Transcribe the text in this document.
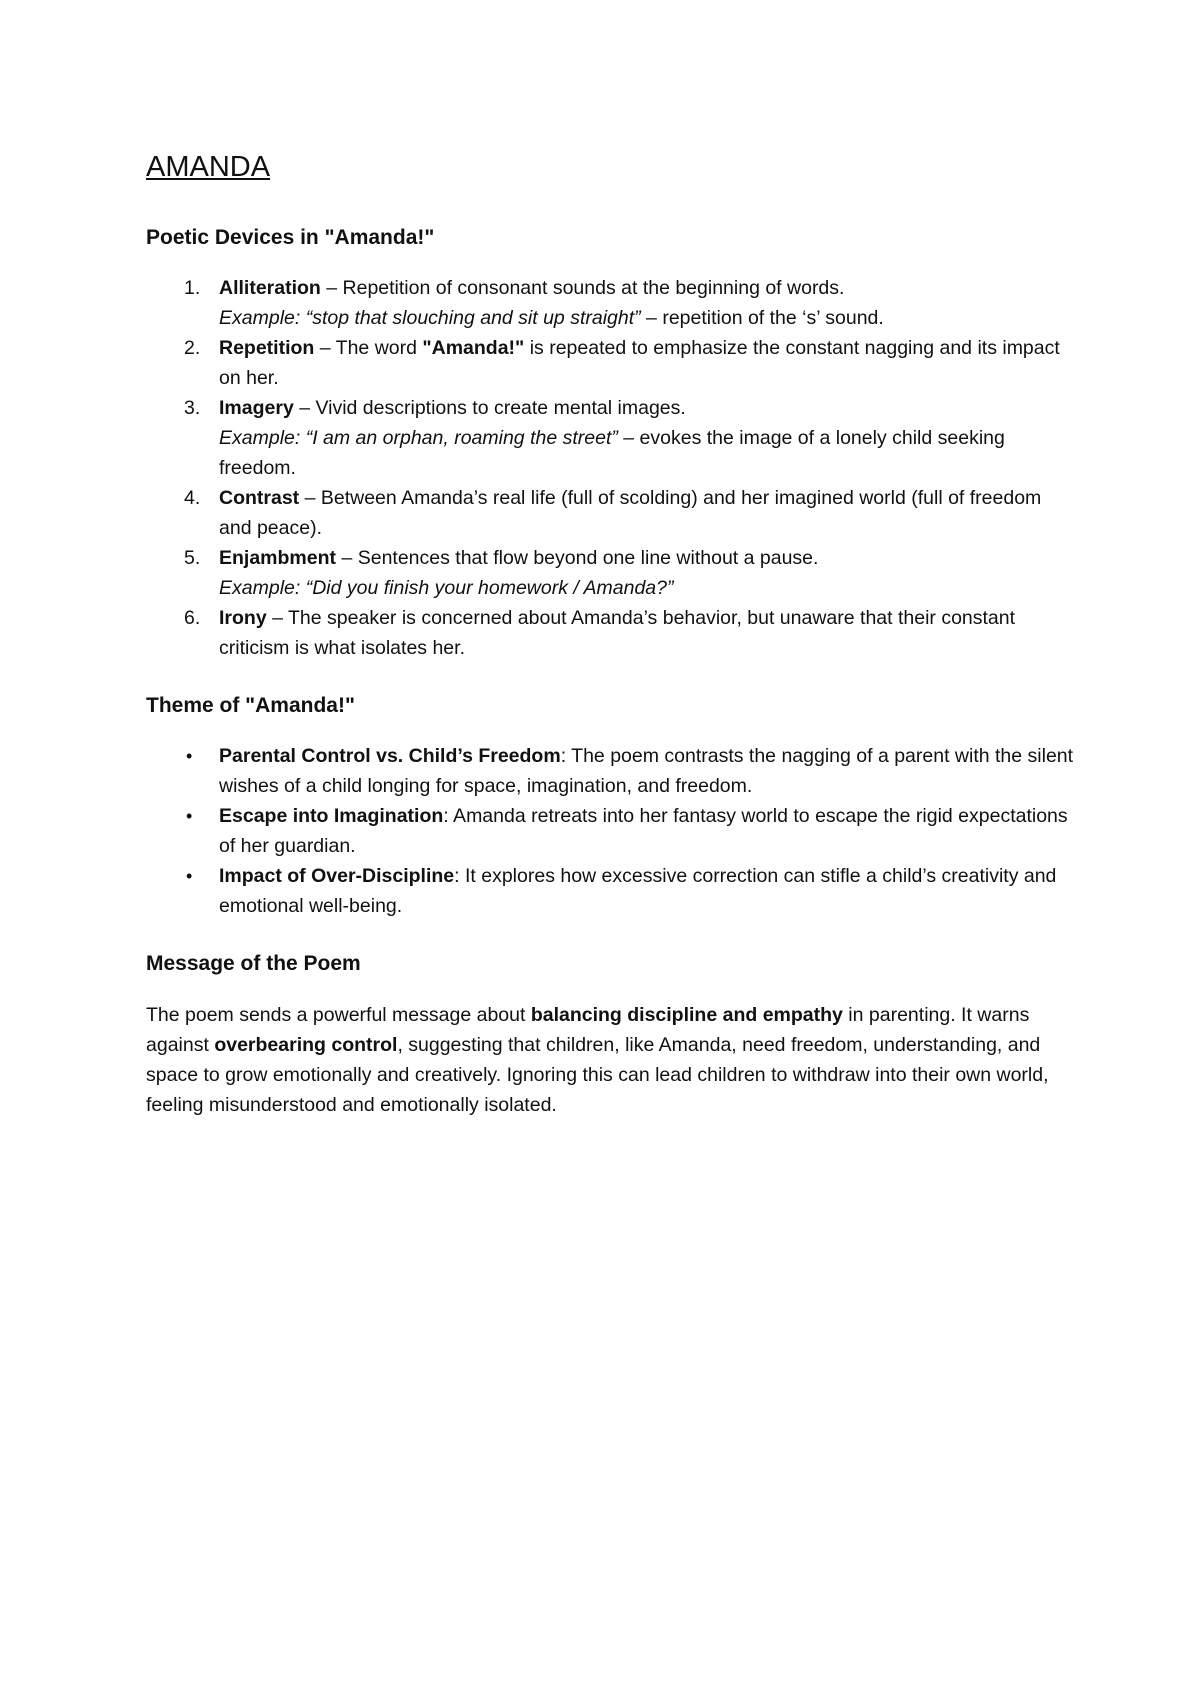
AMANDA
Poetic Devices in "Amanda!"
1. Alliteration – Repetition of consonant sounds at the beginning of words.
Example: “stop that slouching and sit up straight” – repetition of the ‘s’ sound.
2. Repetition – The word "Amanda!" is repeated to emphasize the constant nagging and its impact on her.
3. Imagery – Vivid descriptions to create mental images.
Example: “I am an orphan, roaming the street” – evokes the image of a lonely child seeking freedom.
4. Contrast – Between Amanda’s real life (full of scolding) and her imagined world (full of freedom and peace).
5. Enjambment – Sentences that flow beyond one line without a pause.
Example: “Did you finish your homework / Amanda?”
6. Irony – The speaker is concerned about Amanda’s behavior, but unaware that their constant criticism is what isolates her.
Theme of "Amanda!"
• Parental Control vs. Child’s Freedom: The poem contrasts the nagging of a parent with the silent wishes of a child longing for space, imagination, and freedom.
• Escape into Imagination: Amanda retreats into her fantasy world to escape the rigid expectations of her guardian.
• Impact of Over-Discipline: It explores how excessive correction can stifle a child’s creativity and emotional well-being.
Message of the Poem

The poem sends a powerful message about balancing discipline and empathy in parenting. It warns against overbearing control, suggesting that children, like Amanda, need freedom, understanding, and space to grow emotionally and creatively. Ignoring this can lead children to withdraw into their own world, feeling misunderstood and emotionally isolated.
